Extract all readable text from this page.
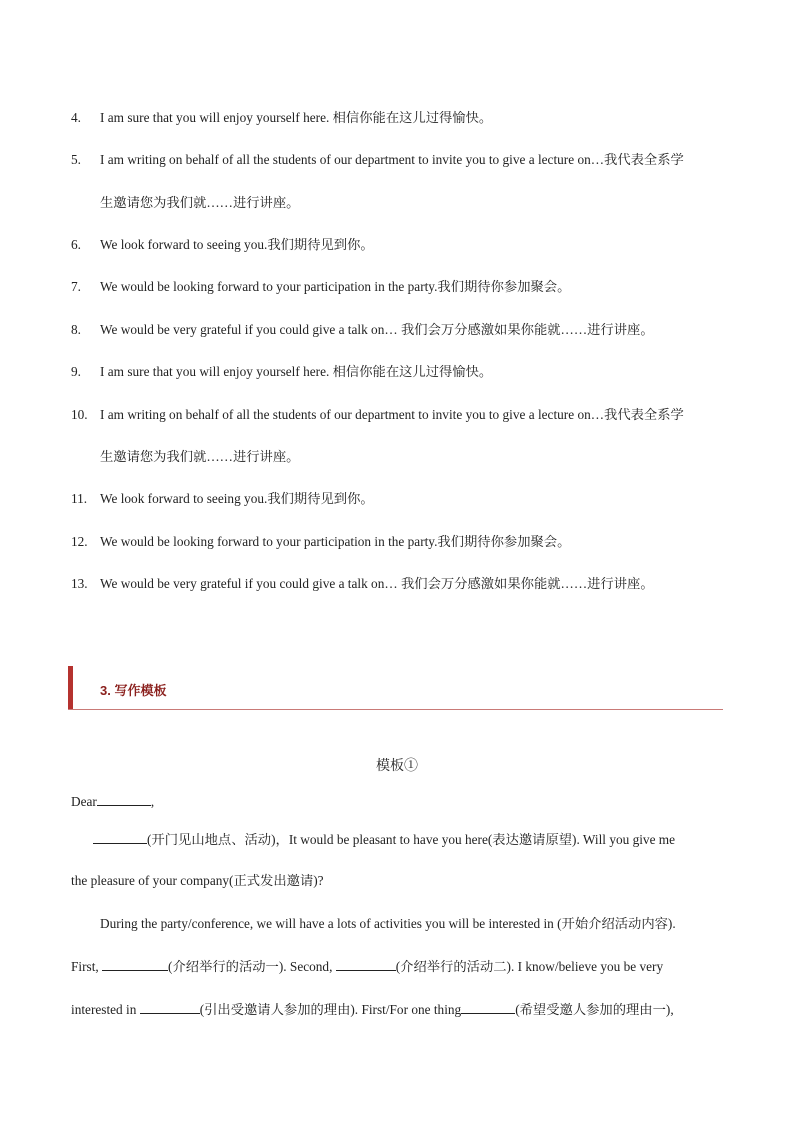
4. I am sure that you will enjoy yourself here. 相信你能在这儿过得愉快。
5. I am writing on behalf of all the students of our department to invite you to give a lecture on…我代表全系学
生邀请您为我们就……进行讲座。
6. We look forward to seeing you.我们期待见到你。
7. We would be looking forward to your participation in the party.我们期待你参加聚会。
8. We would be very grateful if you could give a talk on… 我们会万分感激如果你能就……进行讲座。
9. I am sure that you will enjoy yourself here. 相信你能在这儿过得愉快。
10. I am writing on behalf of all the students of our department to invite you to give a lecture on…我代表全系学
生邀请您为我们就……进行讲座。
11. We look forward to seeing you.我们期待见到你。
12. We would be looking forward to your participation in the party.我们期待你参加聚会。
13. We would be very grateful if you could give a talk on… 我们会万分感激如果你能就……进行讲座。
3. 写作模板
模板①
Dear	,
(开门见山地点、活动)，It would be pleasant to have you here(表达邀请原望). Will you give me
the pleasure of your company(正式发出邀请)?
During the party/conference, we will have a lots of activities you will be interested in (开始介绍活动内容).
First,	(介绍举行的活动一). Second,	(介绍举行的活动二). I know/believe you be very
interested in	(引出受邀请人参加的理由). First/For one thing	(希望受邀人参加的理由一),
